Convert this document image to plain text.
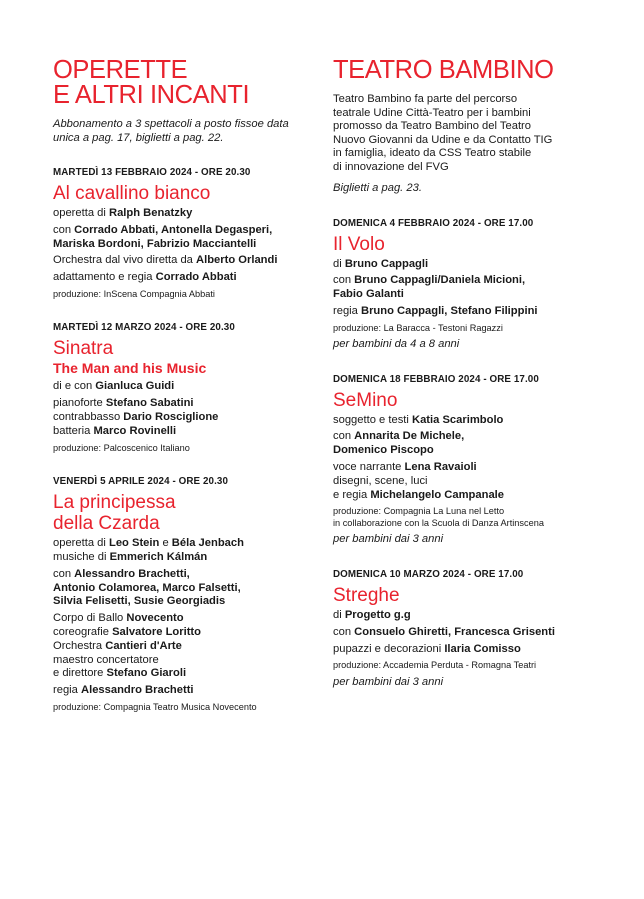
OPERETTE
E ALTRI INCANTI
Abbonamento a 3 spettacoli a posto fissoe data unica a pag. 17, biglietti a pag. 22.
MARTEDÌ 13 FEBBRAIO 2024 - ORE 20.30
Al cavallino bianco
operetta di Ralph Benatzky
con Corrado Abbati, Antonella Degasperi,
Mariska Bordoni, Fabrizio Macciantelli
Orchestra dal vivo diretta da Alberto Orlandi
adattamento e regia Corrado Abbati
produzione: InScena Compagnia Abbati
MARTEDÌ 12 MARZO 2024 - ORE 20.30
Sinatra
The Man and his Music
di e con Gianluca Guidi
pianoforte Stefano Sabatini
contrabbasso Dario Rosciglione
batteria Marco Rovinelli
produzione: Palcoscenico Italiano
VENERDÌ 5 APRILE 2024 - ORE 20.30
La principessa
della Czarda
operetta di Leo Stein e Béla Jenbach
musiche di Emmerich Kálmán
con Alessandro Brachetti,
Antonio Colamorea, Marco Falsetti,
Silvia Felisetti, Susie Georgiadis
Corpo di Ballo Novecento
coreografie Salvatore Loritto
Orchestra Cantieri d'Arte
maestro concertatore
e direttore Stefano Giaroli
regia Alessandro Brachetti
produzione: Compagnia Teatro Musica Novecento
TEATRO BAMBINO
Teatro Bambino fa parte del percorso
teatrale Udine Città-Teatro per i bambini
promosso da Teatro Bambino del Teatro
Nuovo Giovanni da Udine e da Contatto TIG
in famiglia, ideato da CSS Teatro stabile
di innovazione del FVG
Biglietti a pag. 23.
DOMENICA 4 FEBBRAIO 2024 - ORE 17.00
Il Volo
di Bruno Cappagli
con Bruno Cappagli/Daniela Micioni,
Fabio Galanti
regia Bruno Cappagli, Stefano Filippini
produzione: La Baracca - Testoni Ragazzi
per bambini da 4 a 8 anni
DOMENICA 18 FEBBRAIO 2024 - ORE 17.00
SeMino
soggetto e testi Katia Scarimbolo
con Annarita De Michele,
Domenico Piscopo
voce narrante Lena Ravaioli
disegni, scene, luci
e regia Michelangelo Campanale
produzione: Compagnia La Luna nel Letto
in collaborazione con la Scuola di Danza Artinscena
per bambini dai 3 anni
DOMENICA 10 MARZO 2024 - ORE 17.00
Streghe
di Progetto g.g
con Consuelo Ghiretti, Francesca Grisenti
pupazzi e decorazioni Ilaria Comisso
produzione: Accademia Perduta - Romagna Teatri
per bambini dai 3 anni
